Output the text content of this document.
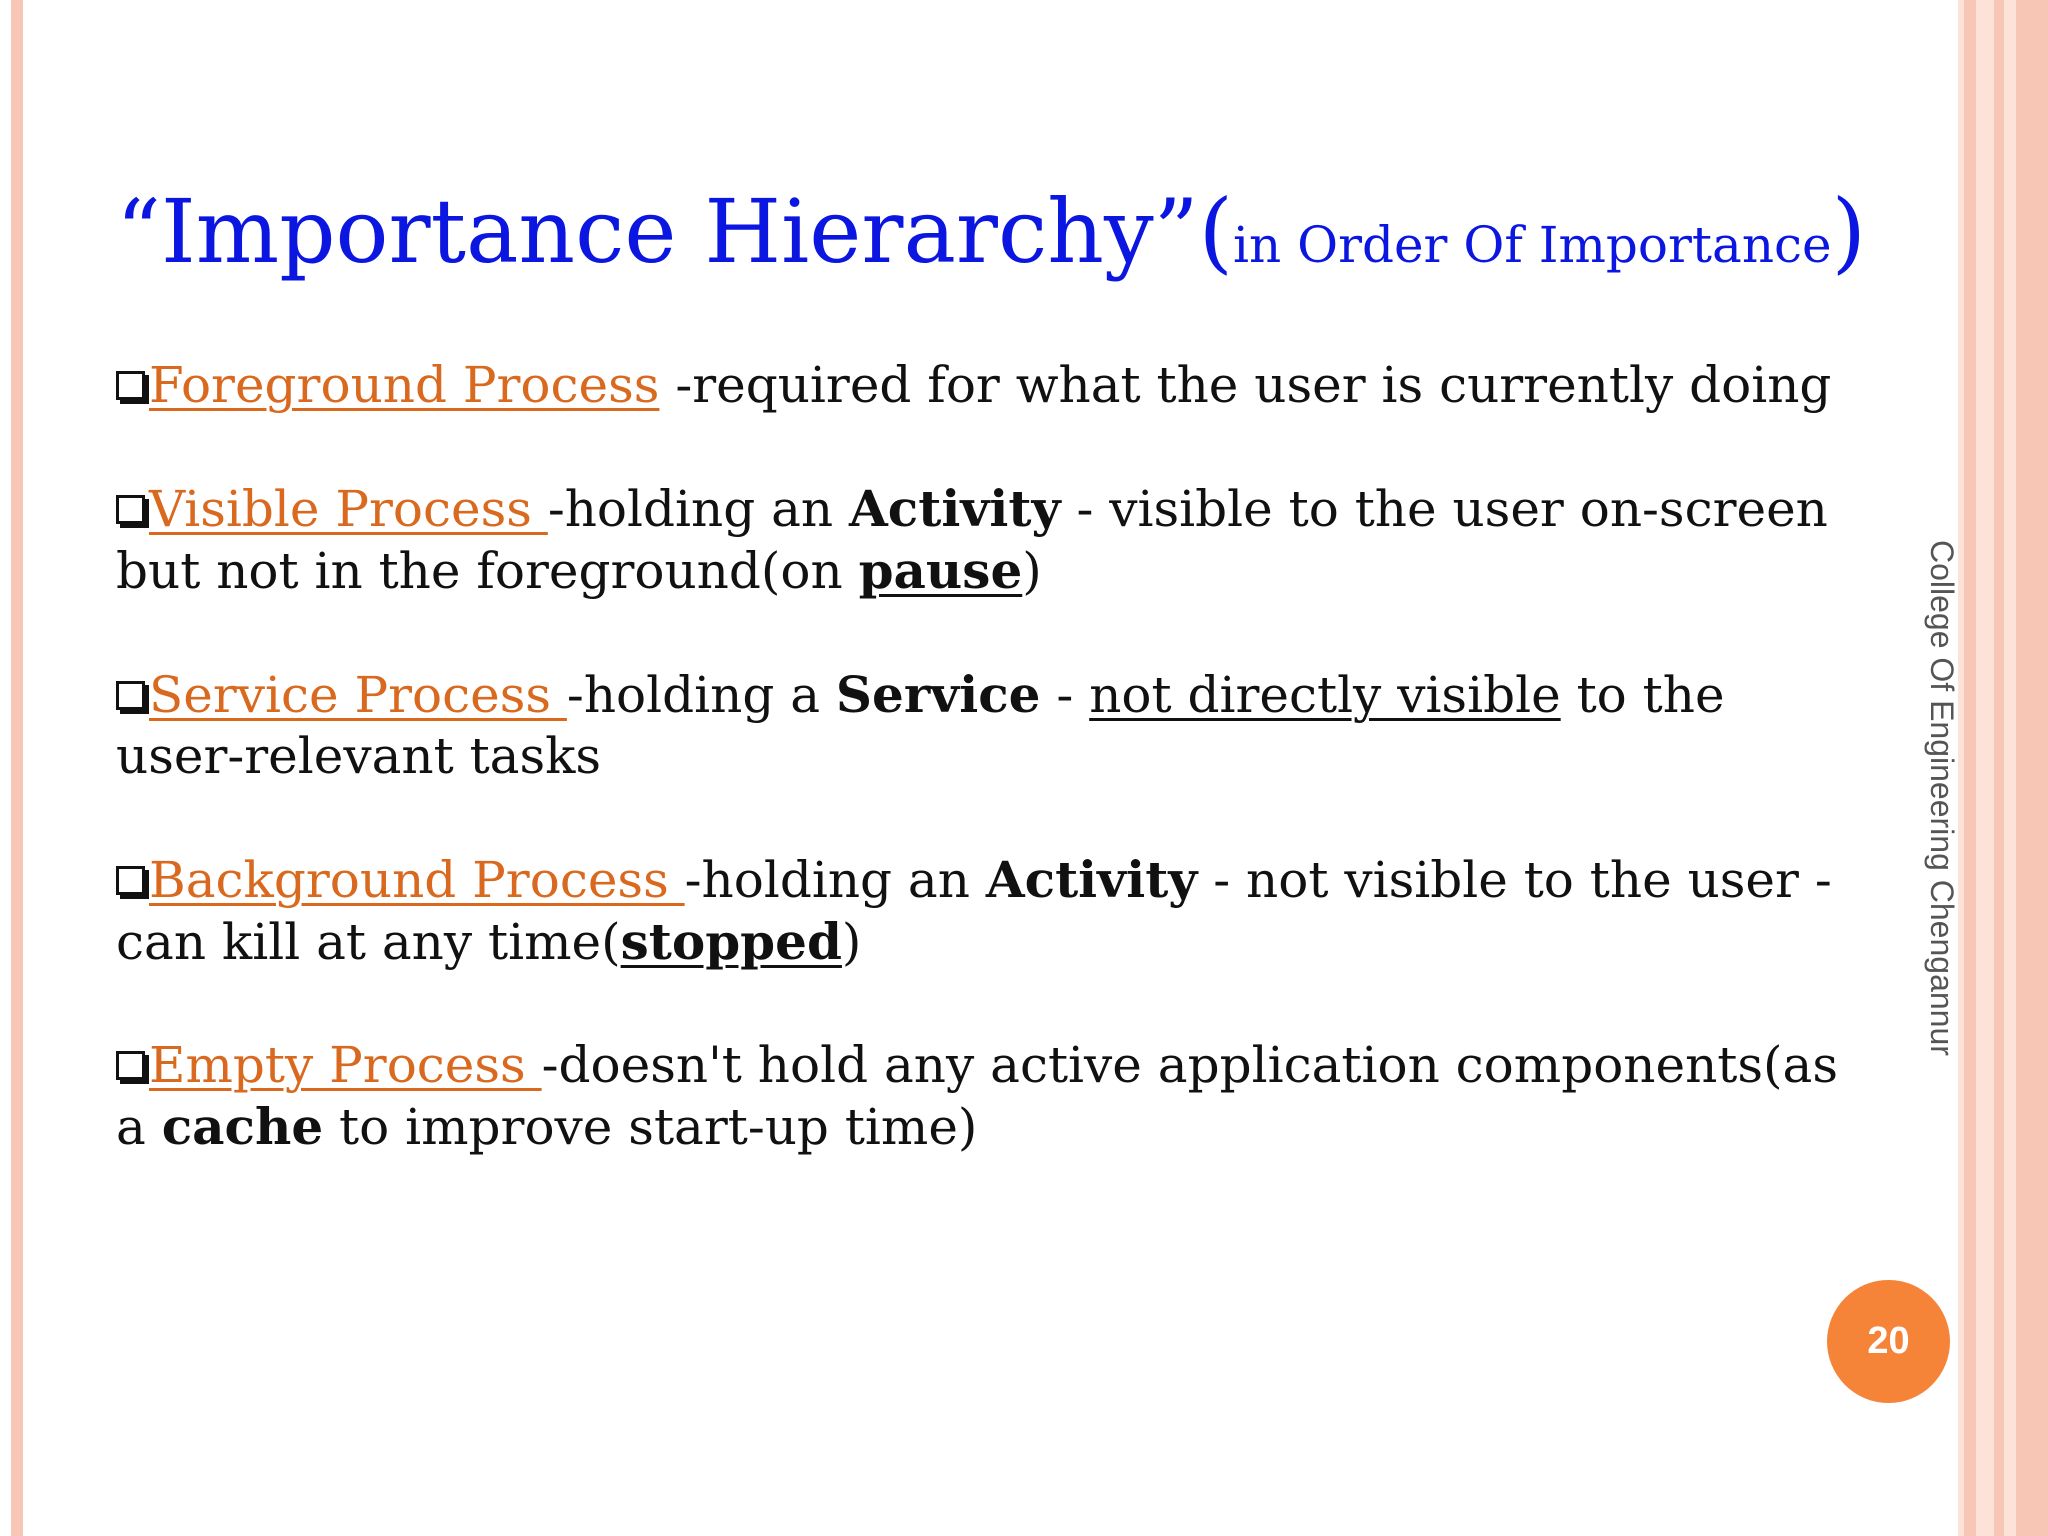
“Importance Hierarchy”(in Order Of Importance)

Foreground Process -required for what the user is currently doing

Visible Process -holding an Activity - visible to the user on-screen but not in the foreground(on pause)

Service Process -holding a Service - not directly visible to the user-relevant tasks

Background Process -holding an Activity - not visible to the user - can kill at any time(stopped)

Empty Process -doesn't hold any active application components(as a cache to improve start-up time)

College Of Engineering Chengannur
20
